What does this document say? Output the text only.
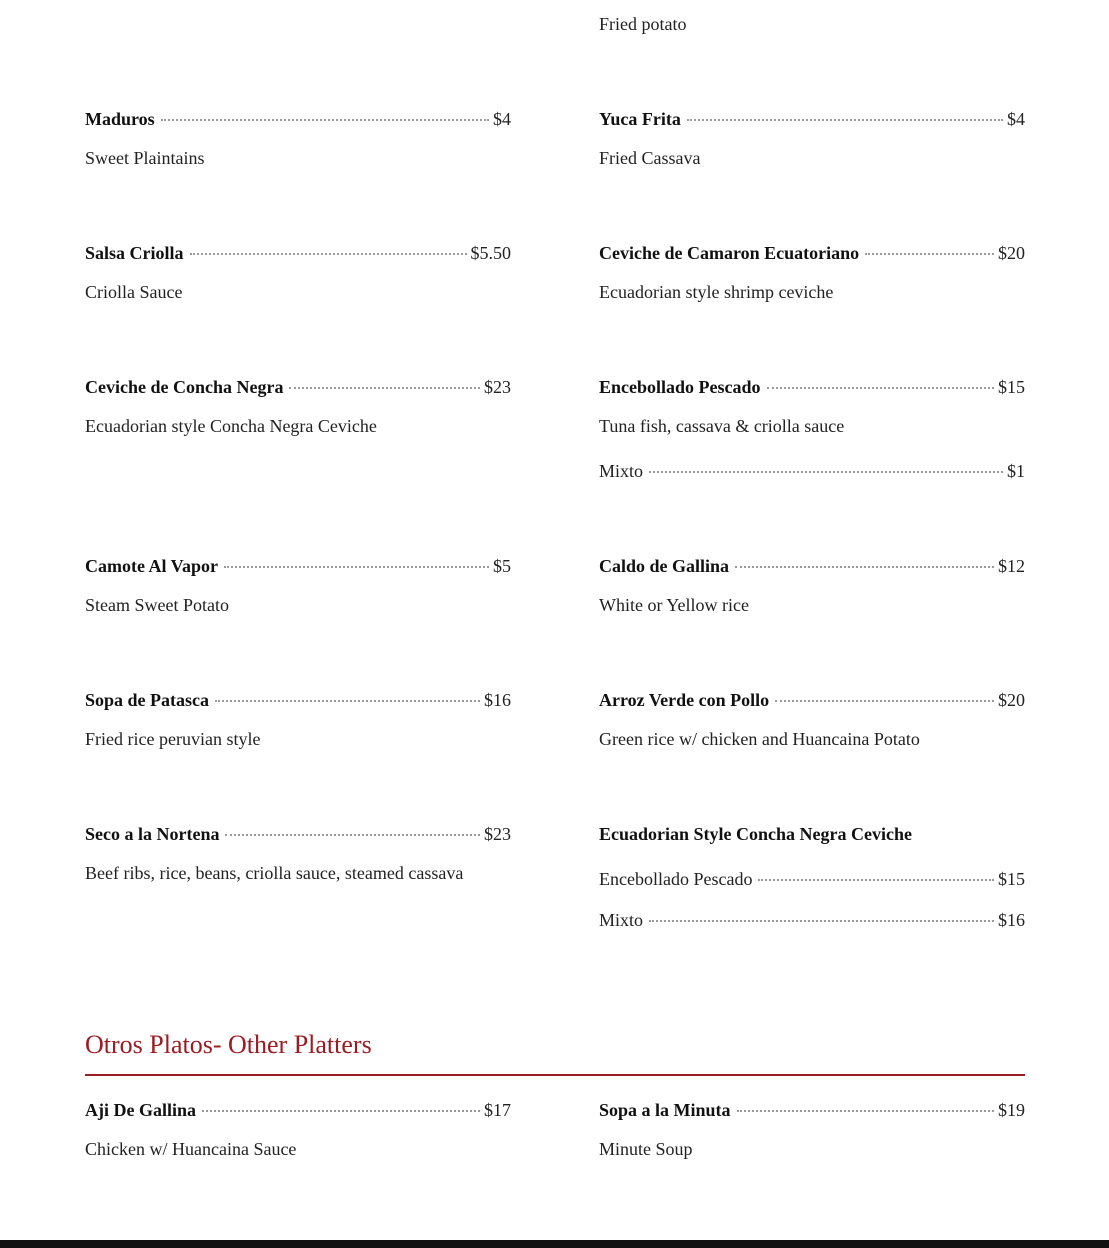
Fried potato
Maduros	$4
Sweet Plaintains
Yuca Frita	$4
Fried Cassava
Salsa Criolla	$5.50
Criolla Sauce
Ceviche de Camaron Ecuatoriano	$20
Ecuadorian style shrimp ceviche
Ceviche de Concha Negra	$23
Ecuadorian style Concha Negra Ceviche
Encebollado Pescado	$15
Tuna fish, cassava & criolla sauce
Mixto	$1
Camote Al Vapor	$5
Steam Sweet Potato
Caldo de Gallina	$12
White or Yellow rice
Sopa de Patasca	$16
Fried rice peruvian style
Arroz Verde con Pollo	$20
Green rice w/ chicken and Huancaina Potato
Seco a la Nortena	$23
Beef ribs, rice, beans, criolla sauce, steamed cassava
Ecuadorian Style Concha Negra Ceviche
Encebollado Pescado	$15
Mixto	$16
Otros Platos- Other Platters
Aji De Gallina	$17
Chicken w/ Huancaina Sauce
Sopa a la Minuta	$19
Minute Soup
